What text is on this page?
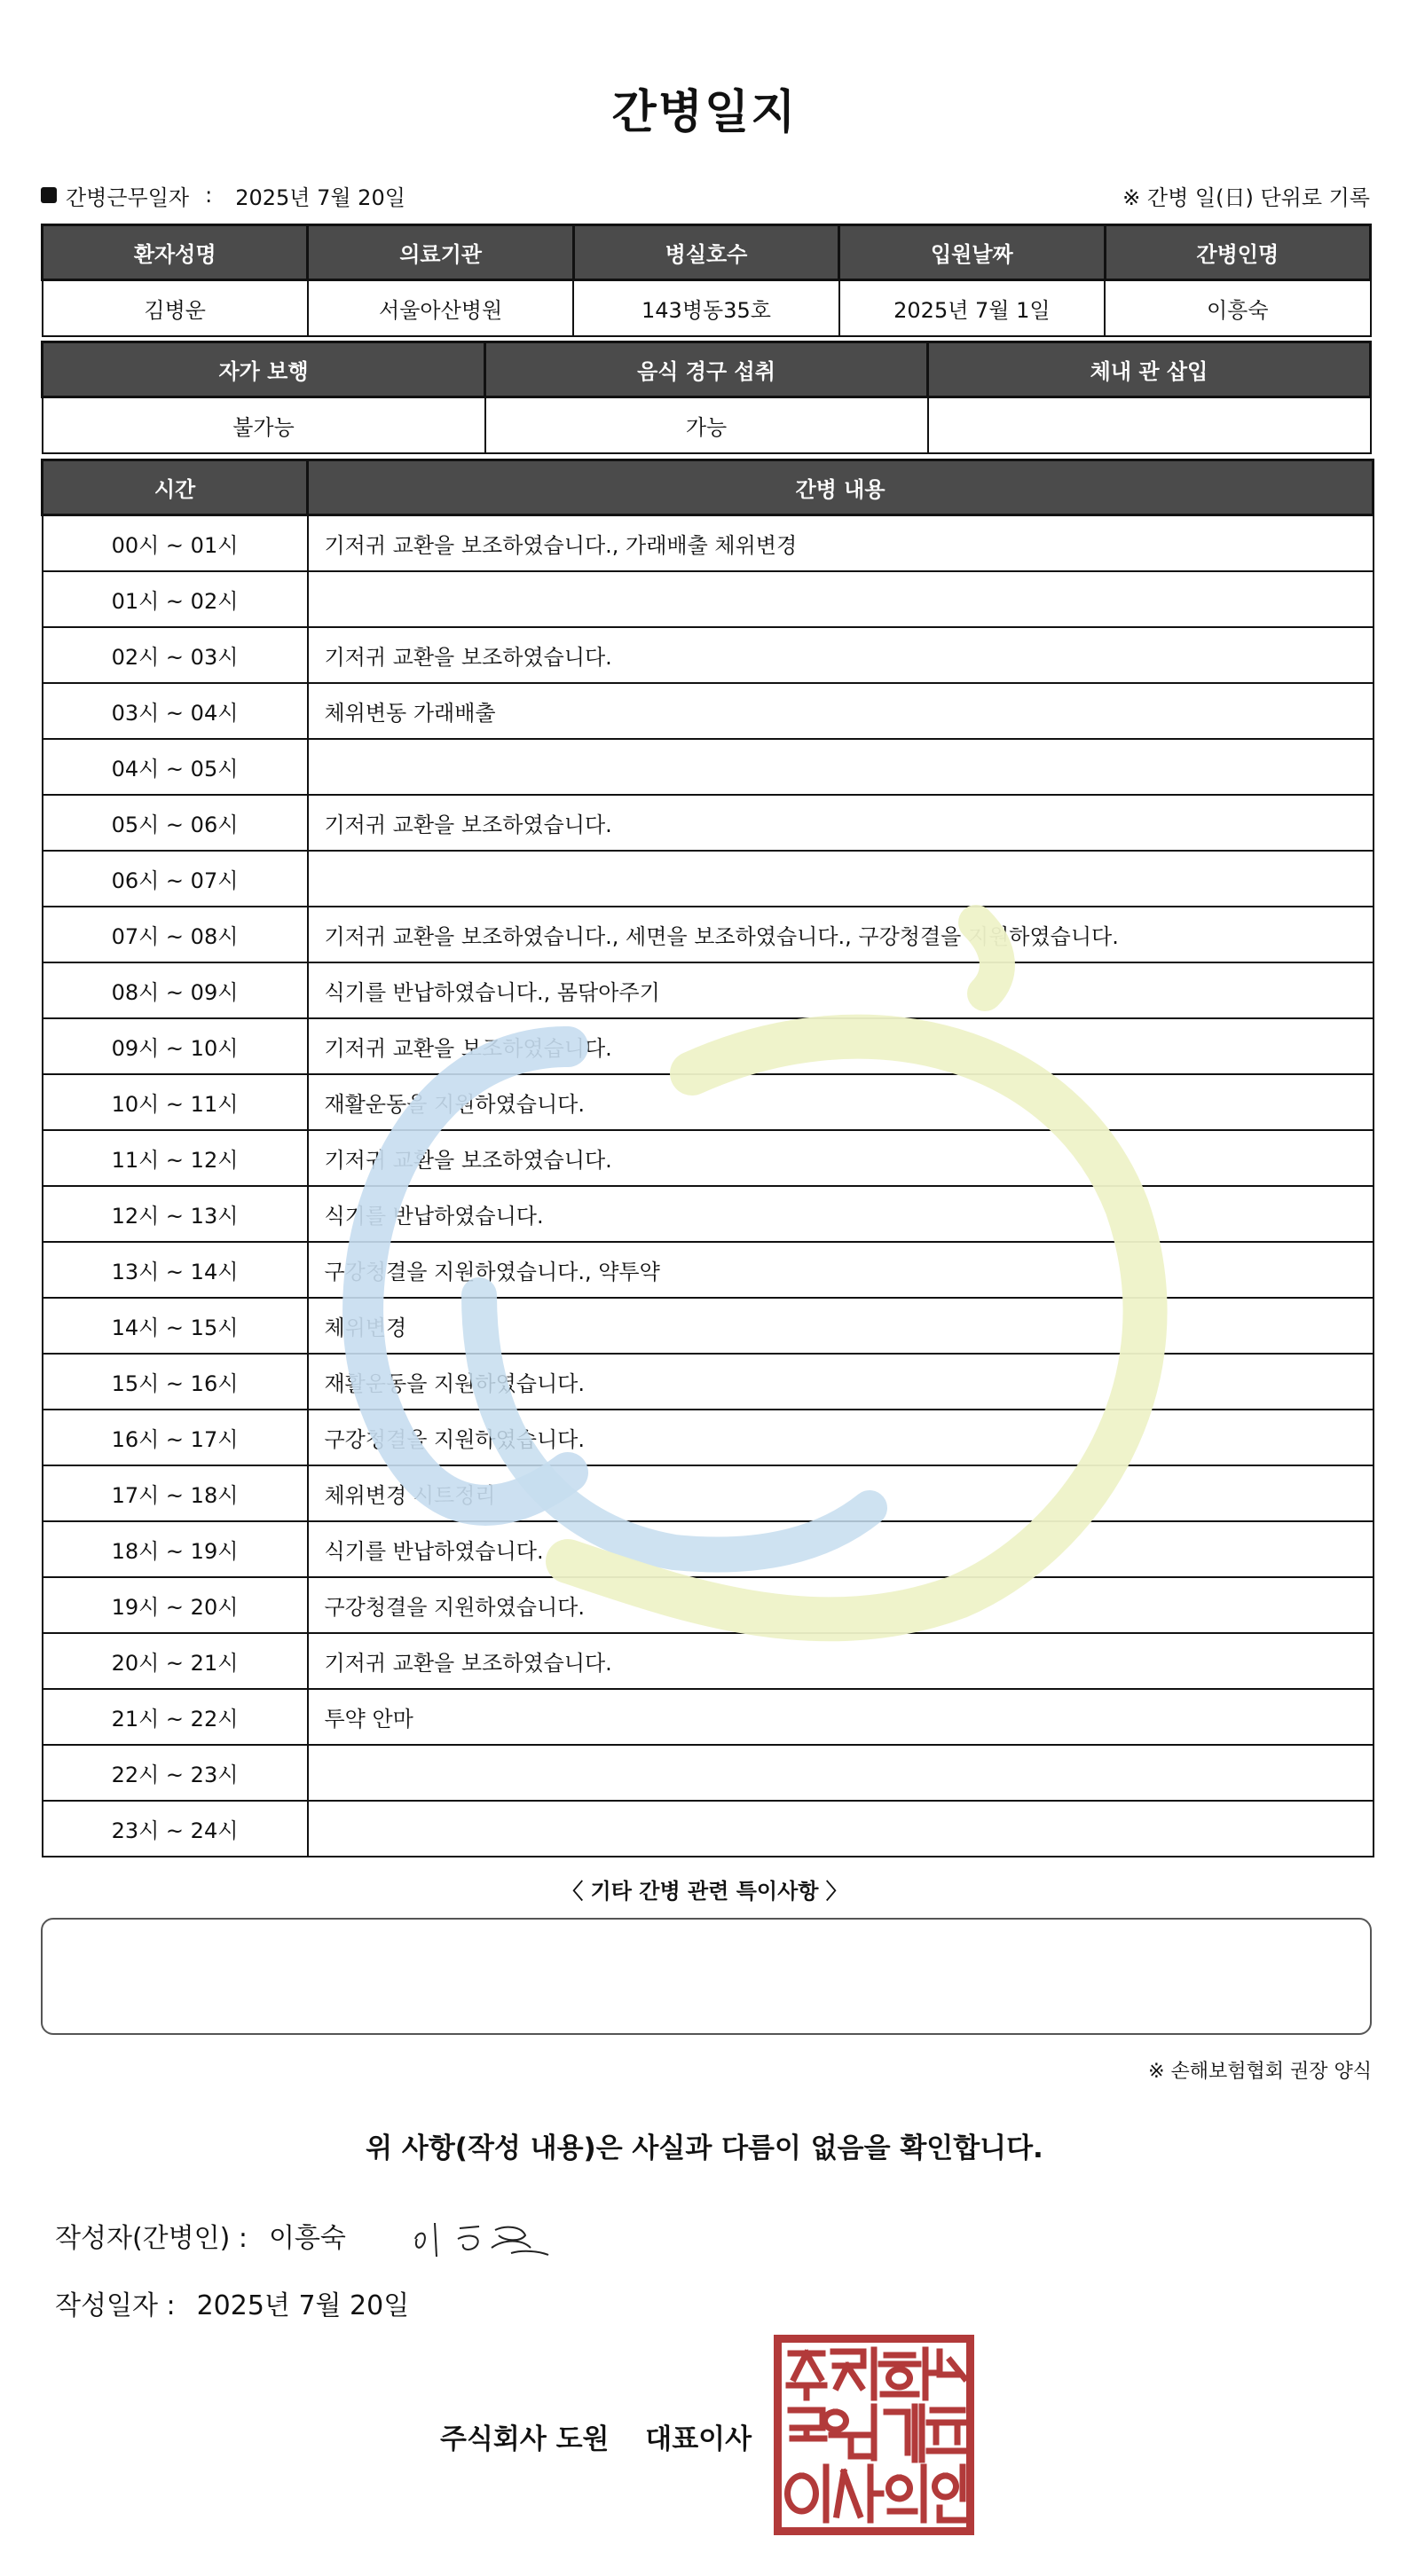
간병일지
간병근무일자 : 2025년 7월 20일	※ 간병 일(日) 단위로 기록
환자성명	의료기관	병실호수	입원날짜	간병인명
김병운	서울아산병원	143병동35호	2025년 7월 1일	이흥숙
자가 보행	음식 경구 섭취	체내 관 삽입
불가능	가능	
시간	간병 내용
00시 ~ 01시	기저귀 교환을 보조하였습니다., 가래배출 체위변경
01시 ~ 02시	
02시 ~ 03시	기저귀 교환을 보조하였습니다.
03시 ~ 04시	체위변동 가래배출
04시 ~ 05시	
05시 ~ 06시	기저귀 교환을 보조하였습니다.
06시 ~ 07시	
07시 ~ 08시	기저귀 교환을 보조하였습니다., 세면을 보조하였습니다., 구강청결을 지원하였습니다.
08시 ~ 09시	식기를 반납하였습니다., 몸닦아주기
09시 ~ 10시	기저귀 교환을 보조하였습니다.
10시 ~ 11시	재활운동을 지원하였습니다.
11시 ~ 12시	기저귀 교환을 보조하였습니다.
12시 ~ 13시	식기를 반납하였습니다.
13시 ~ 14시	구강청결을 지원하였습니다., 약투약
14시 ~ 15시	체위변경
15시 ~ 16시	재활운동을 지원하였습니다.
16시 ~ 17시	구강청결을 지원하였습니다.
17시 ~ 18시	체위변경 시트정리
18시 ~ 19시	식기를 반납하였습니다.
19시 ~ 20시	구강청결을 지원하였습니다.
20시 ~ 21시	기저귀 교환을 보조하였습니다.
21시 ~ 22시	투약 안마
22시 ~ 23시	
23시 ~ 24시	
〈 기타 간병 관련 특이사항 〉
※ 손해보험협회 권장 양식
위 사항(작성 내용)은 사실과 다름이 없음을 확인합니다.
작성자(간병인) : 이흥숙
작성일자 : 2025년 7월 20일
주식회사 도원 대표이사
